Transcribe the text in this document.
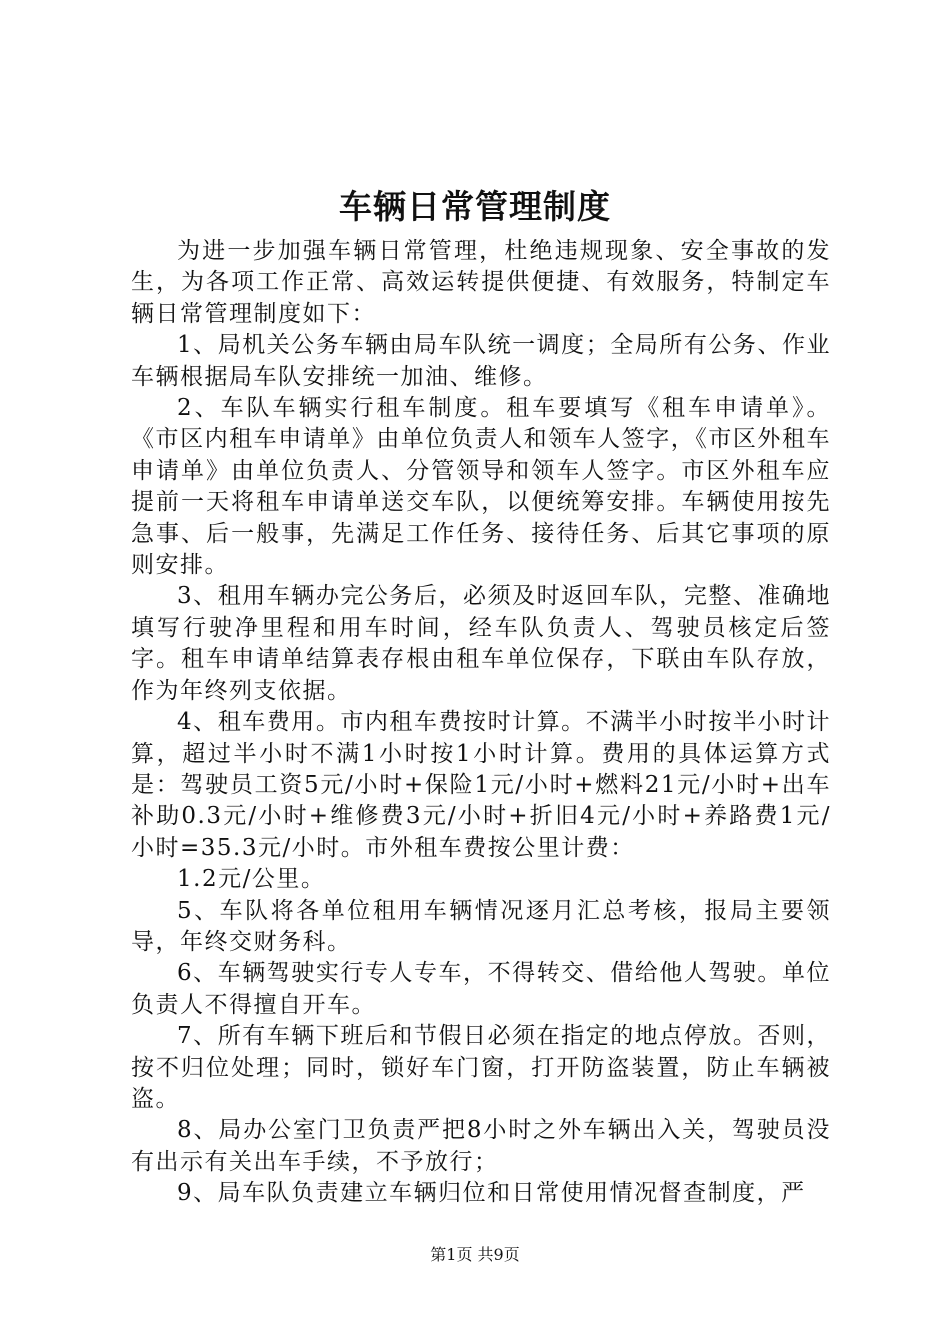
车辆日常管理制度

为进一步加强车辆日常管理，杜绝违规现象、安全事故的发生，为各项工作正常、高效运转提供便捷、有效服务，特制定车辆日常管理制度如下：

1、局机关公务车辆由局车队统一调度；全局所有公务、作业车辆根据局车队安排统一加油、维修。

2、车队车辆实行租车制度。租车要填写《租车申请单》。《市区内租车申请单》由单位负责人和领车人签字，《市区外租车申请单》由单位负责人、分管领导和领车人签字。市区外租车应提前一天将租车申请单送交车队，以便统筹安排。车辆使用按先急事、后一般事，先满足工作任务、接待任务、后其它事项的原则安排。

3、租用车辆办完公务后，必须及时返回车队，完整、准确地填写行驶净里程和用车时间，经车队负责人、驾驶员核定后签字。租车申请单结算表存根由租车单位保存，下联由车队存放，作为年终列支依据。

4、租车费用。市内租车费按时计算。不满半小时按半小时计算，超过半小时不满1小时按1小时计算。费用的具体运算方式是：驾驶员工资5元/小时+保险1元/小时+燃料21元/小时+出车补助0.3元/小时+维修费3元/小时+折旧4元/小时+养路费1元/小时=35.3元/小时。市外租车费按公里计费：

1.2元/公里。

5、车队将各单位租用车辆情况逐月汇总考核，报局主要领导，年终交财务科。

6、车辆驾驶实行专人专车，不得转交、借给他人驾驶。单位负责人不得擅自开车。

7、所有车辆下班后和节假日必须在指定的地点停放。否则，按不归位处理；同时，锁好车门窗，打开防盗装置，防止车辆被盗。

8、局办公室门卫负责严把8小时之外车辆出入关，驾驶员没有出示有关出车手续，不予放行；

9、局车队负责建立车辆归位和日常使用情况督查制度，严

第1页 共9页
